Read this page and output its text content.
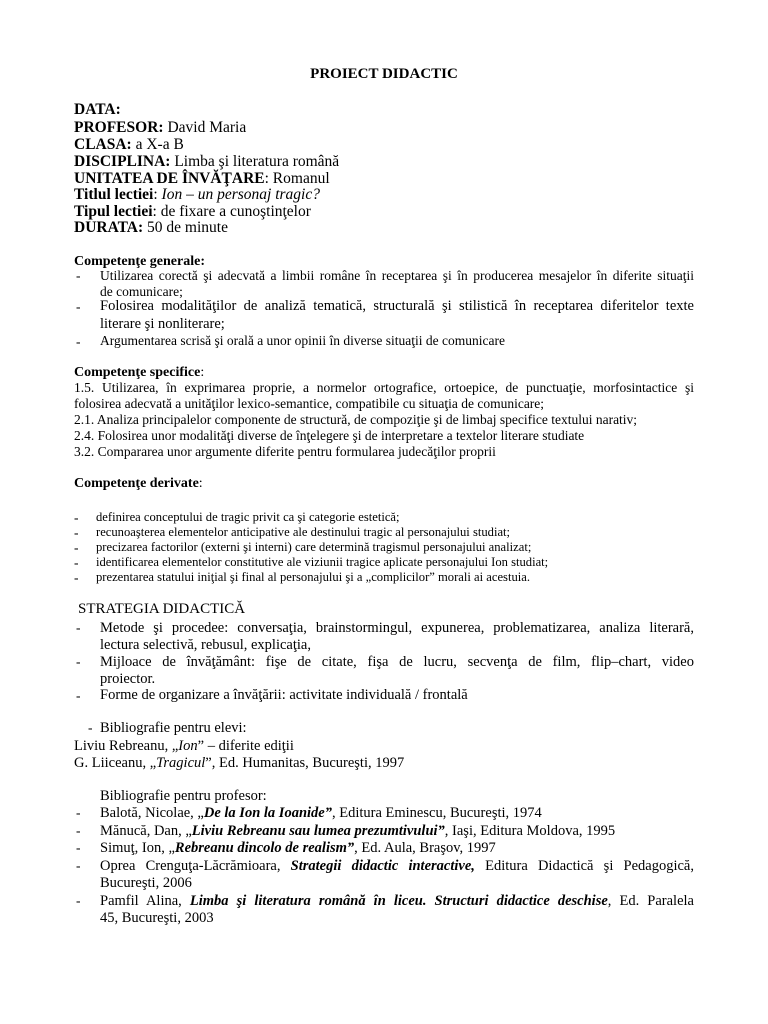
PROIECT DIDACTIC
DATA:
PROFESOR: David Maria
CLASA: a X-a B
DISCIPLINA: Limba şi literatura română
UNITATEA DE ÎNVĂŢARE: Romanul
Titlul lectiei: Ion – un personaj tragic?
Tipul lectiei: de fixare a cunoştinţelor
DURATA: 50 de minute
Competenţe generale:
- Utilizarea corectă şi adecvată a limbii române în receptarea şi în producerea mesajelor în diferite situaţii
de comunicare;
- Folosirea modalităţilor de analiză tematică, structurală şi stilistică în receptarea diferitelor texte
literare şi nonliterare;
- Argumentarea scrisă şi orală a unor opinii în diverse situaţii de comunicare
Competenţe specifice:
1.5. Utilizarea, în exprimarea proprie, a normelor ortografice, ortoepice, de punctuaţie, morfosintactice şi
folosirea adecvată a unităţilor lexico-semantice, compatibile cu situaţia de comunicare;
2.1. Analiza principalelor componente de structură, de compoziţie şi de limbaj specifice textului narativ;
2.4. Folosirea unor modalităţi diverse de înţelegere şi de interpretare a textelor literare studiate
3.2. Compararea unor argumente diferite pentru formularea judecăţilor proprii
Competenţe derivate:
- definirea conceptului de tragic privit ca şi categorie estetică;
- recunoaşterea elementelor anticipative ale destinului tragic al personajului studiat;
- precizarea factorilor (externi şi interni) care determină tragismul personajului analizat;
- identificarea elementelor constitutive ale viziunii tragice aplicate personajului Ion studiat;
- prezentarea statului iniţial şi final al personajului şi a „complicilor” morali ai acestuia.
STRATEGIA DIDACTICĂ
- Metode şi procedee: conversaţia, brainstormingul, expunerea, problematizarea, analiza literară,
lectura selectivă, rebusul, explicaţia,
- Mijloace de învăţământ: fişe de citate, fişa de lucru, secvenţa de film, flip–chart, video
proiector.
- Forme de organizare a învăţării: activitate individuală / frontală
- Bibliografie pentru elevi:
Liviu Rebreanu, „Ion” – diferite ediţii
G. Liiceanu, „Tragicul”, Ed. Humanitas, Bucureşti, 1997
Bibliografie pentru profesor:
- Balotă, Nicolae, „De la Ion la Ioanide”, Editura Eminescu, Bucureşti, 1974
- Mănucă, Dan, „Liviu Rebreanu sau lumea prezumtivului”, Iaşi, Editura Moldova, 1995
- Simuţ, Ion, „Rebreanu dincolo de realism”, Ed. Aula, Braşov, 1997
- Oprea Crenguţa-Lăcrămioara, Strategii didactic interactive, Editura Didactică şi Pedagogică,
Bucureşti, 2006
- Pamfil Alina, Limba şi literatura română în liceu. Structuri didactice deschise, Ed. Paralela
45, Bucureşti, 2003
